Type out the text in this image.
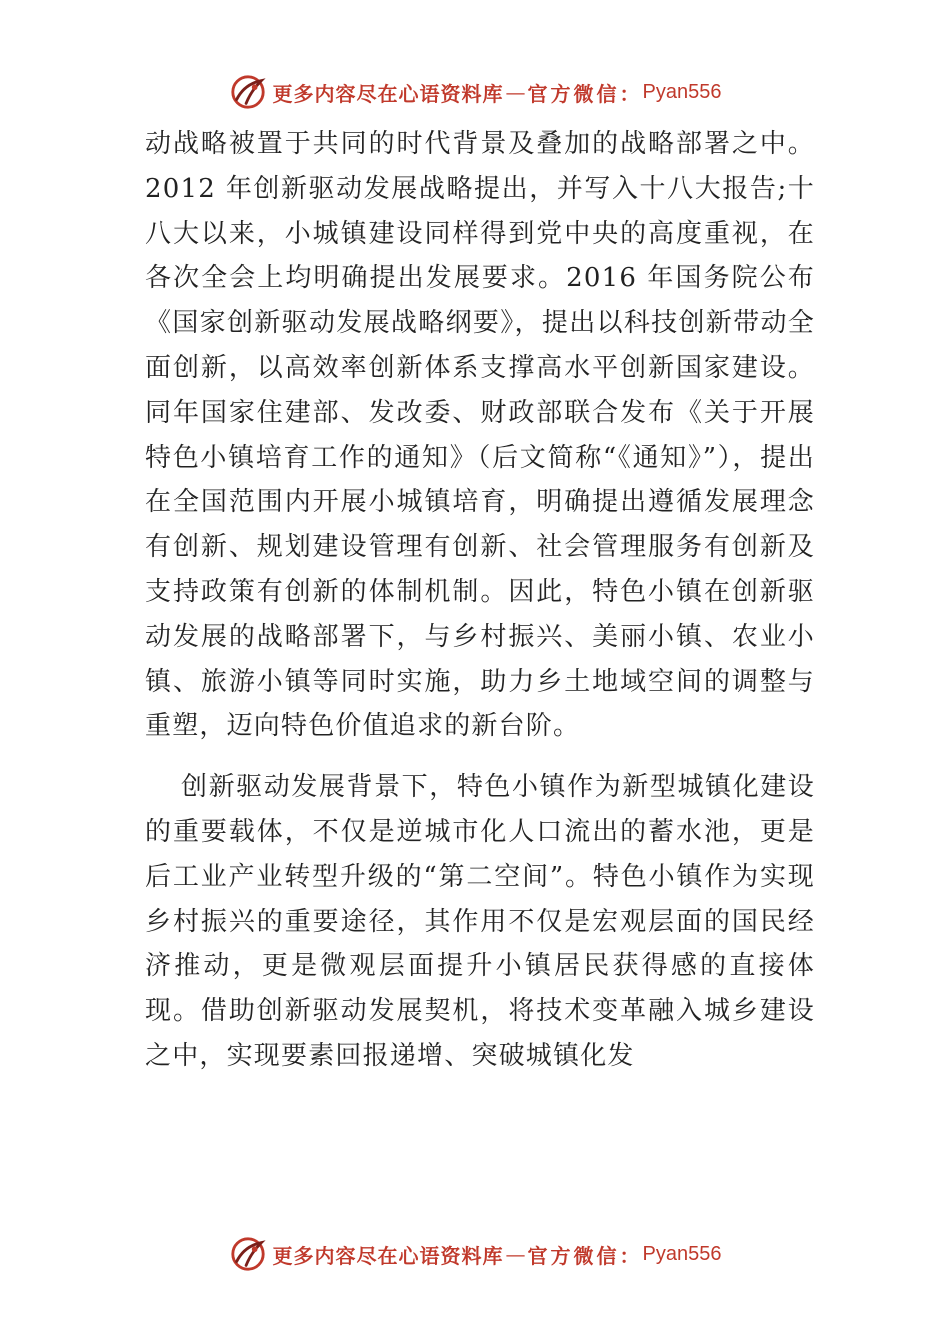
更多内容尽在心语资料库 — 官方微信： Pyan556

动战略被置于共同的时代背景及叠加的战略部署之中。2012 年创新驱动发展战略提出，并写入十八大报告;十八大以来，小城镇建设同样得到党中央的高度重视，在各次全会上均明确提出发展要求。2016 年国务院公布《国家创新驱动发展战略纲要》，提出以科技创新带动全面创新，以高效率创新体系支撑高水平创新国家建设。同年国家住建部、发改委、财政部联合发布《关于开展特色小镇培育工作的通知》（后文简称“《通知》”），提出在全国范围内开展小城镇培育，明确提出遵循发展理念有创新、规划建设管理有创新、社会管理服务有创新及支持政策有创新的体制机制。因此，特色小镇在创新驱动发展的战略部署下，与乡村振兴、美丽小镇、农业小镇、旅游小镇等同时实施，助力乡土地域空间的调整与重塑，迈向特色价值追求的新台阶。

创新驱动发展背景下，特色小镇作为新型城镇化建设的重要载体，不仅是逆城市化人口流出的蓄水池，更是后工业产业转型升级的“第二空间”。特色小镇作为实现乡村振兴的重要途径，其作用不仅是宏观层面的国民经济推动，更是微观层面提升小镇居民获得感的直接体现。借助创新驱动发展契机，将技术变革融入城乡建设之中，实现要素回报递增、突破城镇化发

更多内容尽在心语资料库 — 官方微信： Pyan556
